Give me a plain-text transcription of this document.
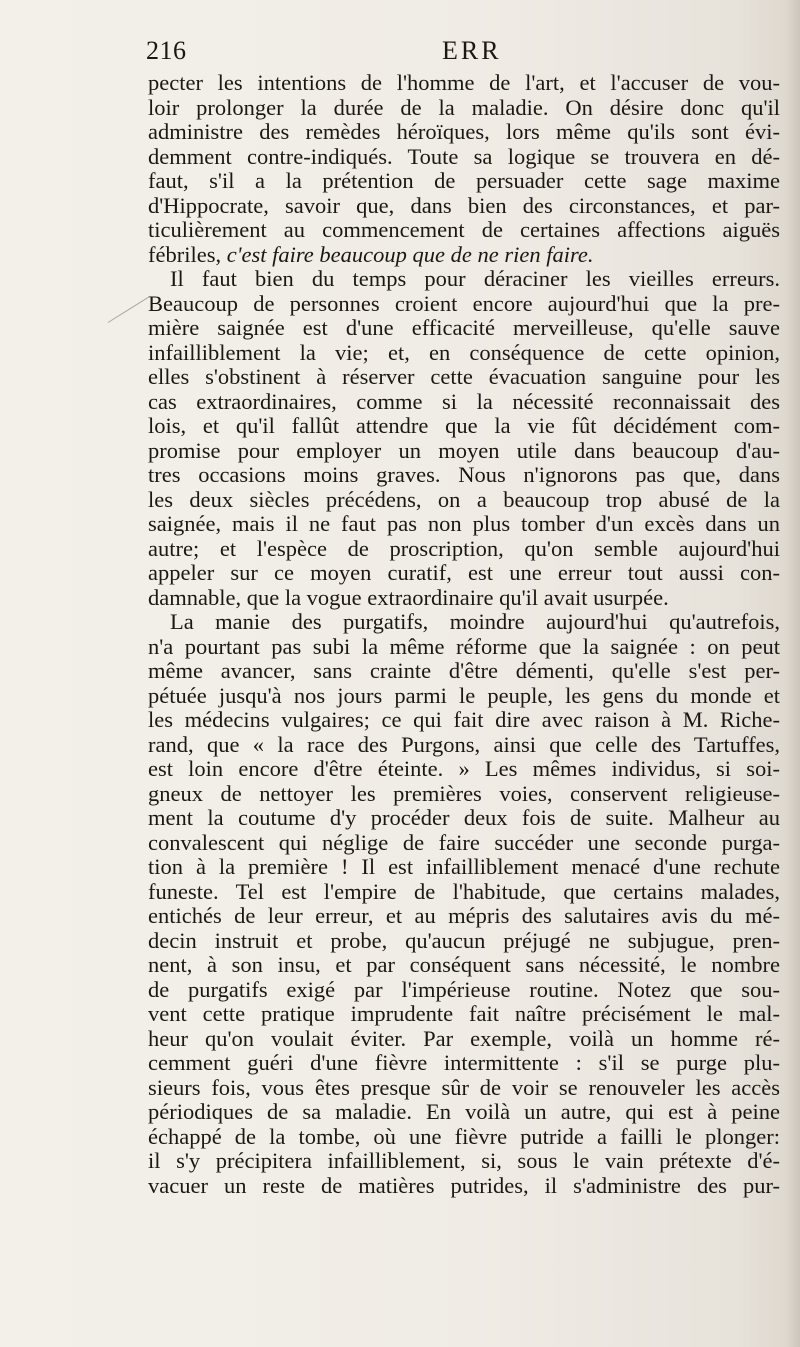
216	ERR
pecter les intentions de l'homme de l'art, et l'accuser de vou-
loir prolonger la durée de la maladie. On désire donc qu'il
administre des remèdes héroïques, lors même qu'ils sont évi-
demment contre-indiqués. Toute sa logique se trouvera en dé-
faut, s'il a la prétention de persuader cette sage maxime
d'Hippocrate, savoir que, dans bien des circonstances, et par-
ticulièrement au commencement de certaines affections aiguës
fébriles, c'est faire beaucoup que de ne rien faire.
Il faut bien du temps pour déraciner les vieilles erreurs.
Beaucoup de personnes croient encore aujourd'hui que la pre-
mière saignée est d'une efficacité merveilleuse, qu'elle sauve
infailliblement la vie; et, en conséquence de cette opinion,
elles s'obstinent à réserver cette évacuation sanguine pour les
cas extraordinaires, comme si la nécessité reconnaissait des
lois, et qu'il fallût attendre que la vie fût décidément com-
promise pour employer un moyen utile dans beaucoup d'au-
tres occasions moins graves. Nous n'ignorons pas que, dans
les deux siècles précédens, on a beaucoup trop abusé de la
saignée, mais il ne faut pas non plus tomber d'un excès dans un
autre; et l'espèce de proscription, qu'on semble aujourd'hui
appeler sur ce moyen curatif, est une erreur tout aussi con-
damnable, que la vogue extraordinaire qu'il avait usurpée.
La manie des purgatifs, moindre aujourd'hui qu'autrefois,
n'a pourtant pas subi la même réforme que la saignée : on peut
même avancer, sans crainte d'être démenti, qu'elle s'est per-
pétuée jusqu'à nos jours parmi le peuple, les gens du monde et
les médecins vulgaires; ce qui fait dire avec raison à M. Riche-
rand, que « la race des Purgons, ainsi que celle des Tartuffes,
est loin encore d'être éteinte. » Les mêmes individus, si soi-
gneux de nettoyer les premières voies, conservent religieuse-
ment la coutume d'y procéder deux fois de suite. Malheur au
convalescent qui néglige de faire succéder une seconde purga-
tion à la première ! Il est infailliblement menacé d'une rechute
funeste. Tel est l'empire de l'habitude, que certains malades,
entichés de leur erreur, et au mépris des salutaires avis du mé-
decin instruit et probe, qu'aucun préjugé ne subjugue, pren-
nent, à son insu, et par conséquent sans nécessité, le nombre
de purgatifs exigé par l'impérieuse routine. Notez que sou-
vent cette pratique imprudente fait naître précisément le mal-
heur qu'on voulait éviter. Par exemple, voilà un homme ré-
cemment guéri d'une fièvre intermittente : s'il se purge plu-
sieurs fois, vous êtes presque sûr de voir se renouveler les accès
périodiques de sa maladie. En voilà un autre, qui est à peine
échappé de la tombe, où une fièvre putride a failli le plonger:
il s'y précipitera infailliblement, si, sous le vain prétexte d'é-
vacuer un reste de matières putrides, il s'administre des pur-
